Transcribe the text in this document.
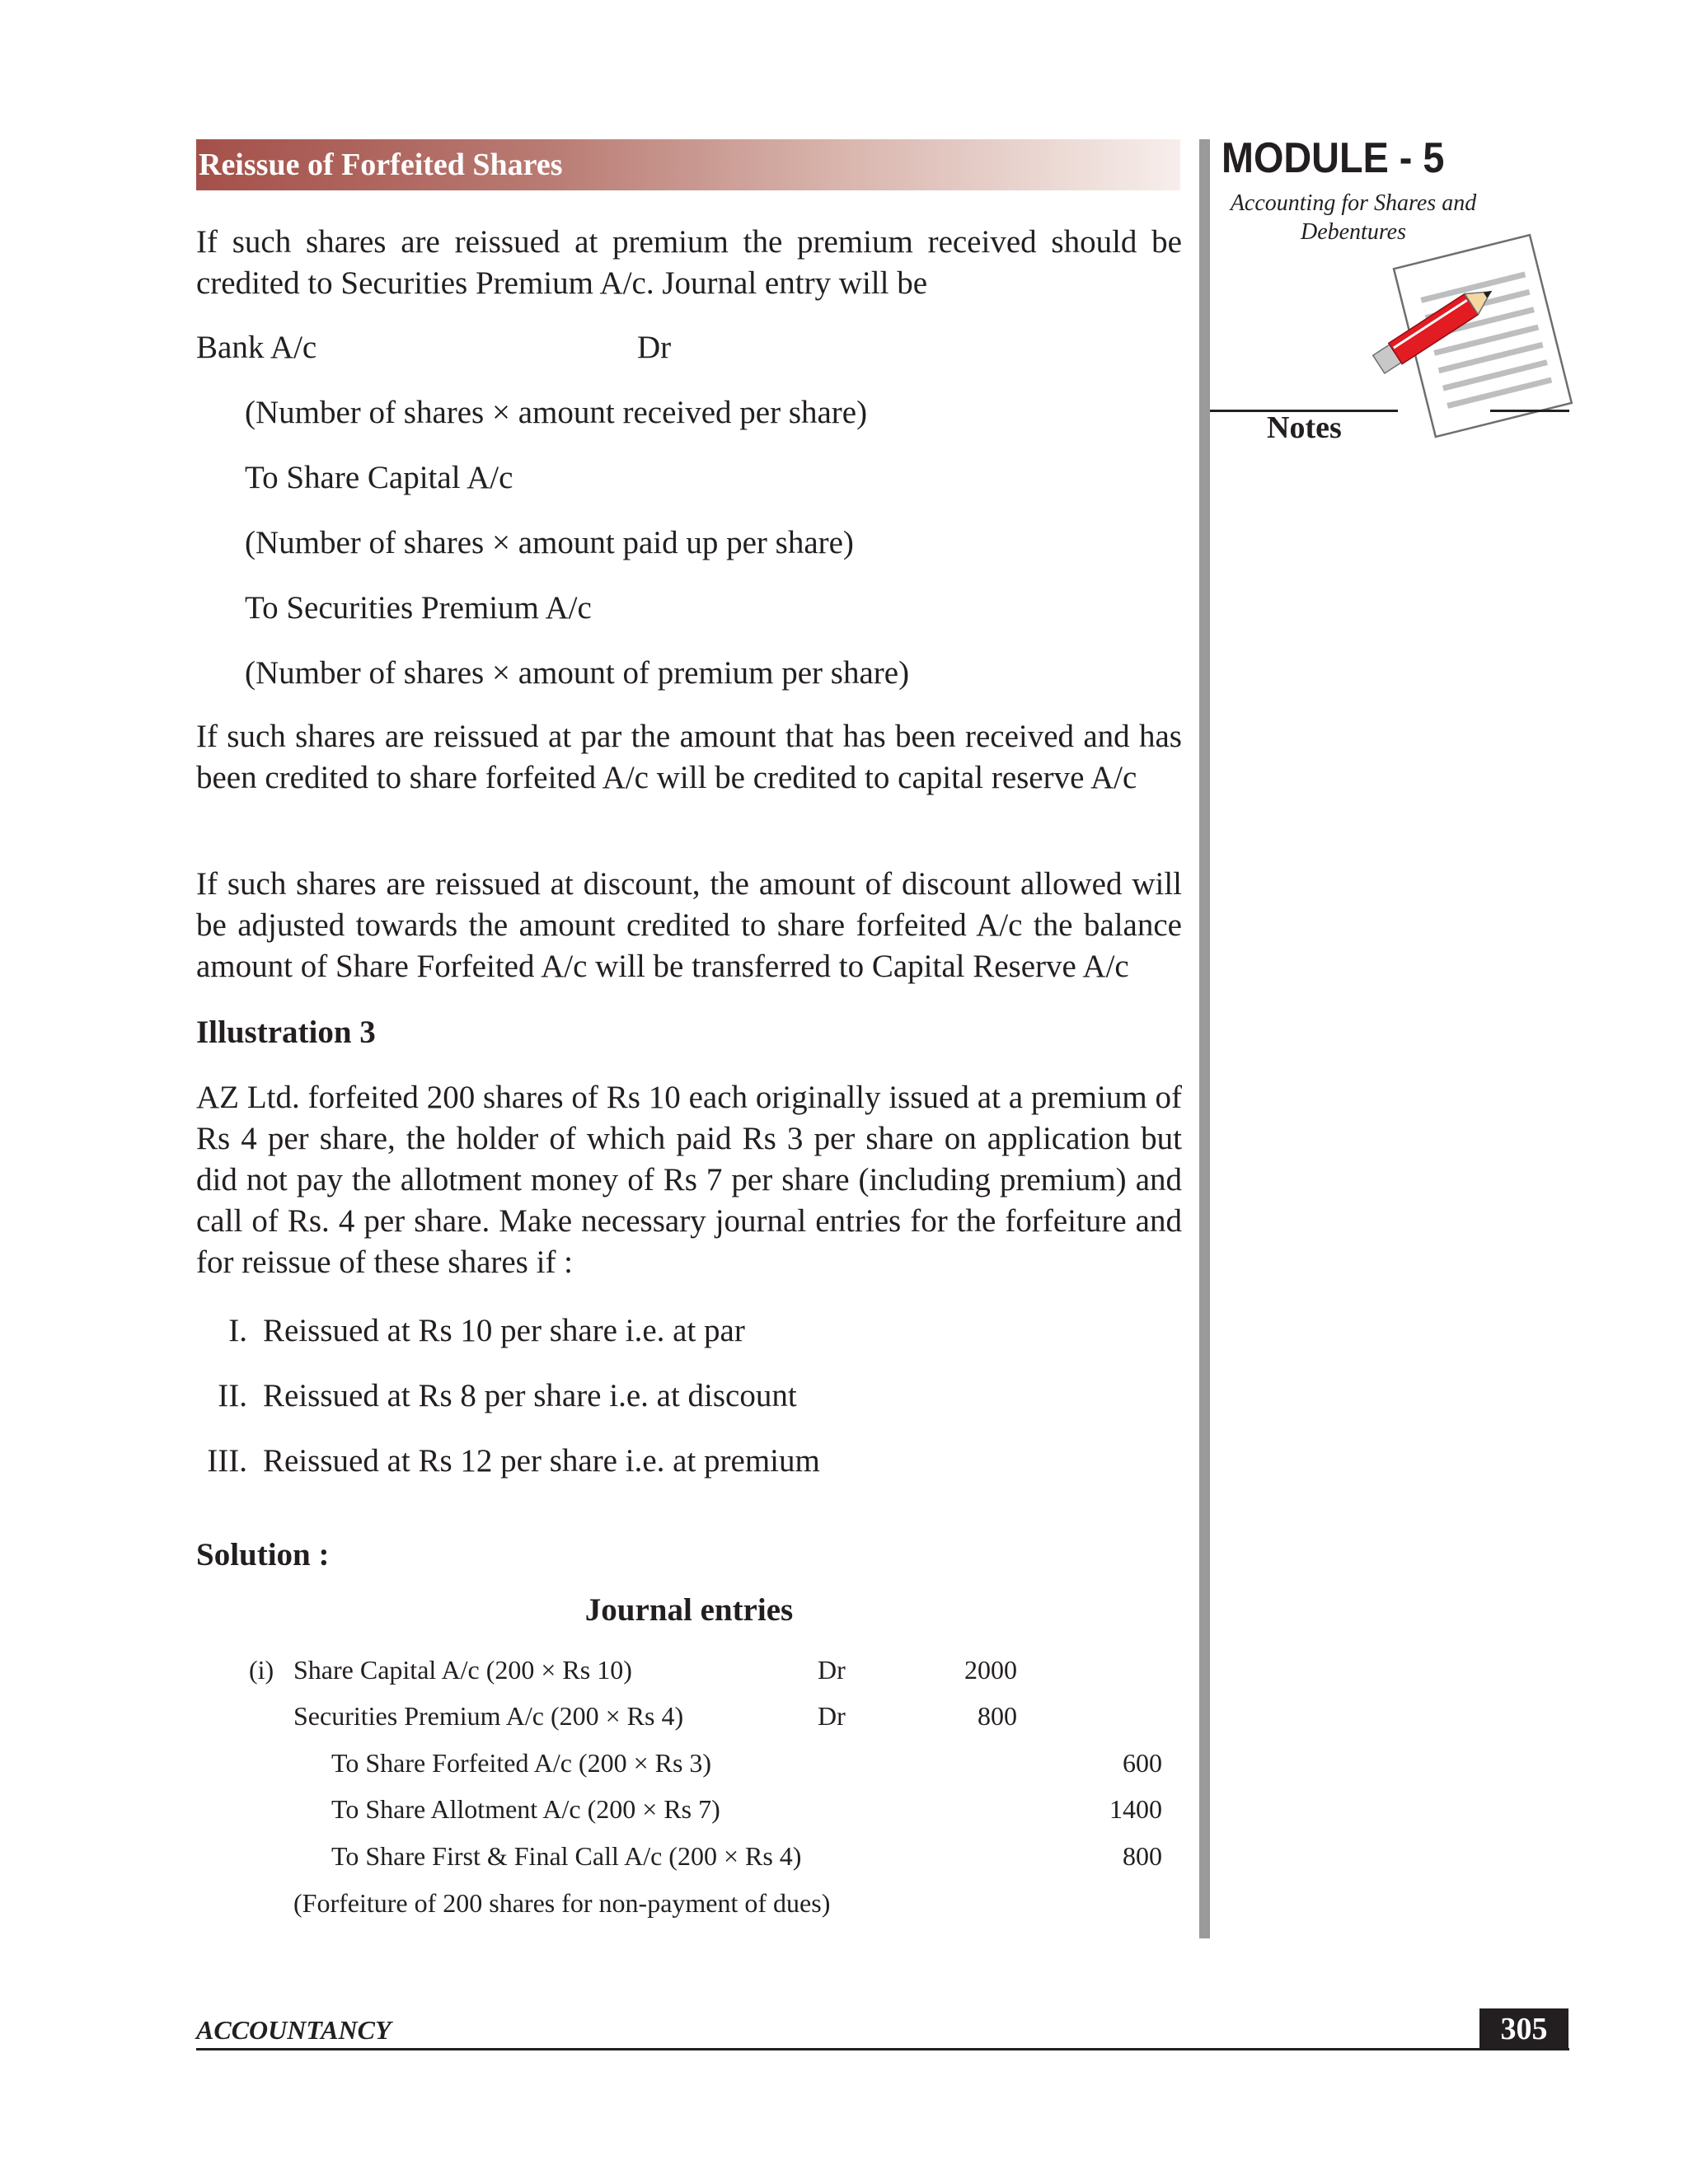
Reissue of Forfeited Shares
If such shares are reissued at premium the premium received should be credited to Securities Premium A/c. Journal entry will be
Bank A/c	Dr
(Number of shares × amount received per share)
To Share Capital A/c
(Number of shares × amount paid up per share)
To Securities Premium A/c
(Number of shares × amount of premium per share)
If such shares are reissued at par the amount that has been received and has been credited to share forfeited A/c will be credited to capital reserve A/c
If such shares are reissued at discount, the amount of discount allowed will be adjusted towards the amount credited to share forfeited A/c the balance amount of Share Forfeited A/c will be transferred to Capital Reserve A/c
Illustration 3
AZ Ltd. forfeited 200 shares of Rs 10 each originally issued at a premium of Rs 4 per share, the holder of which paid Rs 3 per share on application but did not pay the allotment money of Rs 7 per share (including premium) and call of Rs. 4 per share. Make necessary journal entries for the forfeiture and for reissue of these shares if :
I. Reissued at Rs 10 per share i.e. at par
II. Reissued at Rs 8 per share i.e. at discount
III. Reissued at Rs 12 per share i.e. at premium
Solution :
Journal entries
(i) Share Capital A/c (200 × Rs 10)	Dr	2000
Securities Premium A/c (200 × Rs 4)	Dr	800
To Share Forfeited A/c (200 × Rs 3)	600
To Share Allotment A/c (200 × Rs 7)	1400
To Share First & Final Call A/c (200 × Rs 4)	800
(Forfeiture of 200 shares for non-payment of dues)
MODULE - 5
Accounting for Shares and Debentures
Notes
ACCOUNTANCY	305
